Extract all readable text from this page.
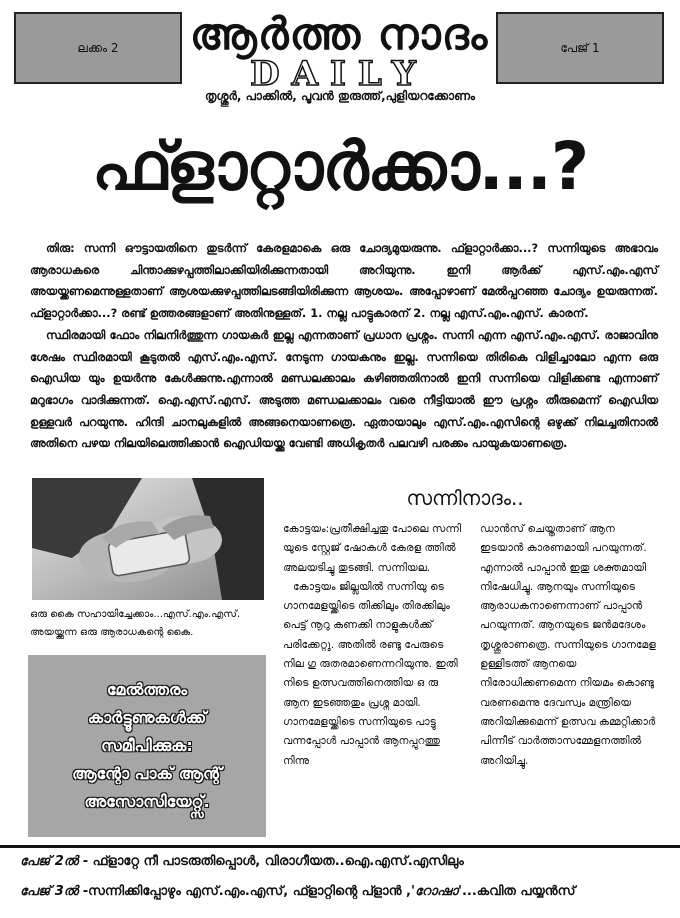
ലക്കം 2	പേജ് 1
DAILY
ആർത്ത നാദം
തൃശ്ശൂർ, പാക്കിൽ, പൂവൻ തുരുത്ത്,പുളിയറക്കോണം
ഫ്ളാറ്റാർക്കാ...?

തിരു: സന്നി ഔട്ടായതിനെ തുടർന്ന് കേരളമാകെ ഒരു ചോദ്യമുയരുന്നു. ഫ്ളാറ്റാർക്കാ...? സന്നിയുടെ അഭാവം ആരാധകരെ ചിന്താക്കുഴപ്പത്തിലാക്കിയിരിക്കുന്നതായി അറിയുന്നു. ഇനി ആർക്ക് എസ്.എം.എസ് അയയ്ക്കണമെന്നുള്ളതാണ് ആശയക്കുഴപ്പത്തിലടങ്ങിയിരിക്കുന്ന ആശയം. അപ്പോഴാണ് മേൽപ്പറഞ്ഞ ചോദ്യം ഉയരുന്നത്. ഫ്ളാറ്റാർക്കാ...? രണ്ട് ഉത്തരങ്ങളാണ് അതിനുള്ളത്. 1. നല്ല പാട്ടുകാരന് 2. നല്ല എസ്.എം.എസ്. കാരന്.

സ്ഥിരമായി ഫോം നിലനിർത്തുന്ന ഗായകർ ഇല്ല എന്നതാണ് പ്രധാന പ്രശ്നം. സന്നി എന്ന എസ്.എം.എസ്. രാജാവിനു ശേഷം സ്ഥിരമായി കൂടുതൽ എസ്.എം.എസ്. നേടുന്ന ഗായകനും ഇല്ല. സന്നിയെ തിരികെ വിളിച്ചാലോ എന്ന ഒരു ഐഡിയ യും ഉയർന്നു കേൾക്കുന്നു.എന്നാൽ മണ്ഡലക്കാലം കഴിഞ്ഞതിനാൽ ഇനി സന്നിയെ വിളിക്കണ്ട എന്നാണ് മറുഭാഗം വാദിക്കുന്നത്. ഐ.എസ്.എസ്. അടുത്ത മണ്ഡലക്കാലം വരെ നീട്ടിയാൽ ഈ പ്രശ്നം തീരുമെന്ന് ഐഡിയ ഉള്ളവർ പറയുന്നു. ഹിന്ദി ചാനലുകളിൽ അങ്ങനെയാണത്രെ. ഏതായാലും എസ്.എം.എസിന്റെ ഒഴുക്ക് നിലച്ചതിനാൽ അതിനെ പഴയ നിലയിലെത്തിക്കാൻ ഐഡിയയ്ക്കു വേണ്ടി അധികൃതർ പലവഴി പരക്കം പായുകയാണത്രെ.

ഒരു കൈ സഹായിച്ചേക്കാം...എസ്.എം.എസ്. അയയ്ക്കുന്ന ഒരു ആരാധകന്റെ കൈ.
മേൽത്തരം
കാർട്ടൂണുകൾക്ക്
സമീപിക്കുക:
ആന്റോ പാക് ആന്റ്
അസോസിയേറ്റ്സ്.
സന്നിനാദം..

കോട്ടയം:പ്രതീക്ഷിച്ചതു പോലെ സന്നി യുടെ സ്റ്റേജ് ഷോകൾ കേരള ത്തിൽ അലയടിച്ചു തുടങ്ങി. സന്നിയല.

കോട്ടയം ജില്ലയിൽ സന്നിയു ടെ ഗാനമേളയ്ക്കിടെ തിക്കിലും തിരക്കിലും പെട്ട് നൂറു കണക്കി നാളുകൾക്ക് പരിക്കേറ്റു. അതിൽ രണ്ടു പേരുടെ നില ഗു രുതരമാണെന്നറിയുന്നു. ഇതി നിടെ ഉത്സവത്തിനെത്തിയ ഒ രു ആന ഇടഞ്ഞതും പ്രശ്ന മായി. ഗാനമേളയ്ക്കിടെ സന്നിയുടെ പാട്ടു വന്നപ്പോൾ പാപ്പാൻ ആനപ്പുറത്തു നിന്നു

ഡാൻസ് ചെയ്തതാണ് ആന ഇടയാൻ കാരണമായി പറയുന്നത്. എന്നാൽ പാപ്പാൻ ഇതു ശക്തമായി നിഷേധിച്ചു. ആനയും സന്നിയുടെ ആരാധകനാണെന്നാണ് പാപ്പാൻ പറയുന്നത്. ആനയുടെ ജൻമദേശം തൃശ്ശൂരാണത്രെ. സന്നിയുടെ ഗാനമേള ഉള്ളിടത്ത് ആനയെ നിരോധിക്കണമെന്ന നിയമം കൊണ്ടു വരണമെന്നു ദേവസ്വം മന്ത്രിയെ അറിയിക്കുമെന്ന് ഉത്സവ കമ്മറ്റിക്കാർ പിന്നീട് വാർത്താസമ്മേളനത്തിൽ അറിയിച്ചു.

പേജ് 2ൽ - ഫ്ളാറ്റേ നീ പാടരുതിപ്പൊൾ, വിരാഗീയത..ഐ.എസ്.എസിലും
പേജ് 3ൽ -സന്നിക്കിപ്പോഴും എസ്.എം.എസ്, ഫ്ളാറ്റിന്റെ പ്ളാൻ ,'റോഷാ'...കവിത പയ്യൻസ്
